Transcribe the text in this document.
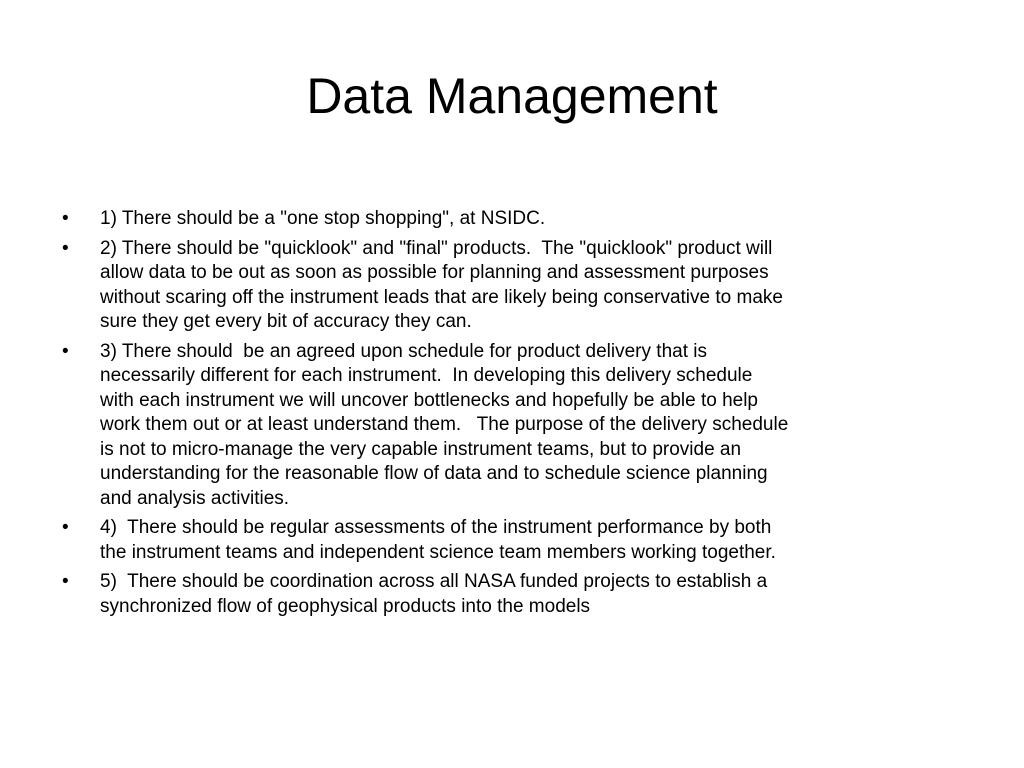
Data Management
•	1) There should be a "one stop shopping", at NSIDC.
•	2) There should be "quicklook" and "final" products.  The "quicklook" product will
allow data to be out as soon as possible for planning and assessment purposes
without scaring off the instrument leads that are likely being conservative to make
sure they get every bit of accuracy they can.
•	3) There should  be an agreed upon schedule for product delivery that is
necessarily different for each instrument.  In developing this delivery schedule
with each instrument we will uncover bottlenecks and hopefully be able to help
work them out or at least understand them.   The purpose of the delivery schedule
is not to micro-manage the very capable instrument teams, but to provide an
understanding for the reasonable flow of data and to schedule science planning
and analysis activities.
•	4)  There should be regular assessments of the instrument performance by both
the instrument teams and independent science team members working together.
•	5)  There should be coordination across all NASA funded projects to establish a
synchronized flow of geophysical products into the models
